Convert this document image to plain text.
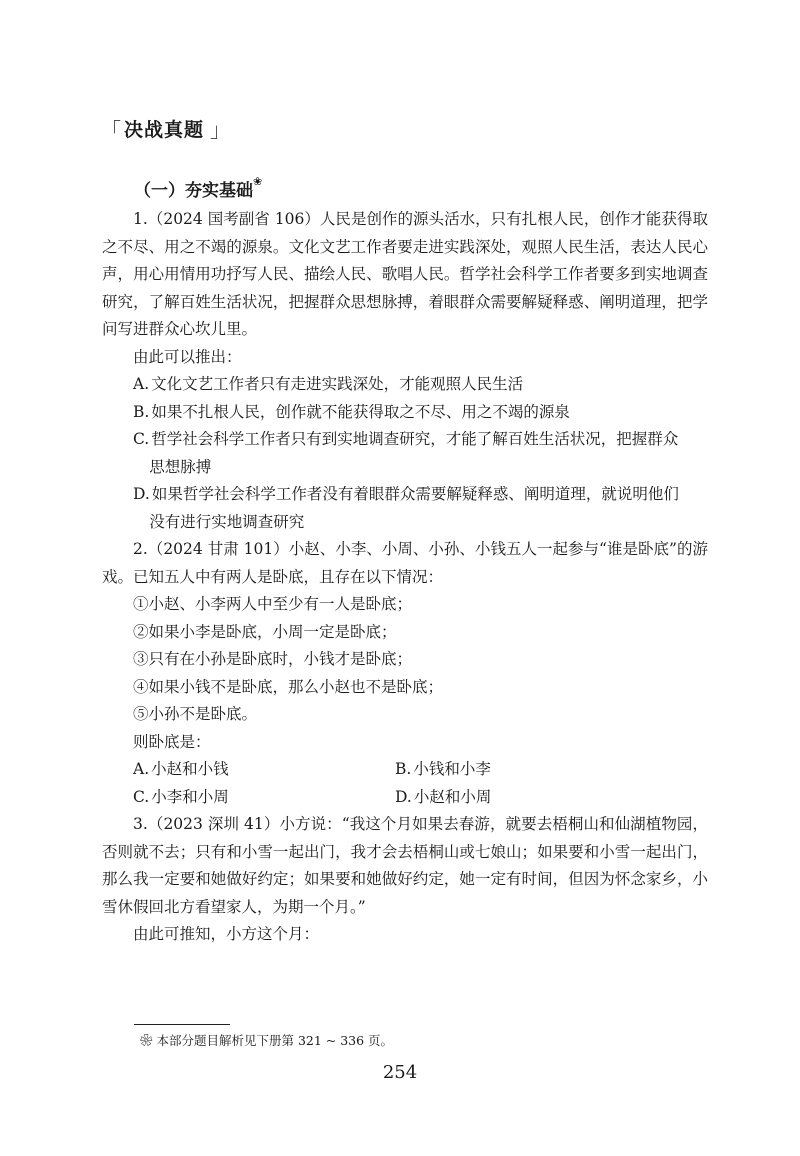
「 决战真题 」
（一）夯实基础❀

1.（2024 国考副省 106）人民是创作的源头活水，只有扎根人民，创作才能获得取之不尽、用之不竭的源泉。文化文艺工作者要走进实践深处，观照人民生活，表达人民心声，用心用情用功抒写人民、描绘人民、歌唱人民。哲学社会科学工作者要多到实地调查研究，了解百姓生活状况，把握群众思想脉搏，着眼群众需要解疑释惑、阐明道理，把学问写进群众心坎儿里。

由此可以推出：

A. 文化文艺工作者只有走进实践深处，才能观照人民生活

B. 如果不扎根人民，创作就不能获得取之不尽、用之不竭的源泉

C. 哲学社会科学工作者只有到实地调查研究，才能了解百姓生活状况，把握群众
思想脉搏

D. 如果哲学社会科学工作者没有着眼群众需要解疑释惑、阐明道理，就说明他们
没有进行实地调查研究

2.（2024 甘肃 101）小赵、小李、小周、小孙、小钱五人一起参与“谁是卧底”的游戏。已知五人中有两人是卧底，且存在以下情况：

①小赵、小李两人中至少有一人是卧底；

②如果小李是卧底，小周一定是卧底；

③只有在小孙是卧底时，小钱才是卧底；

④如果小钱不是卧底，那么小赵也不是卧底；

⑤小孙不是卧底。

则卧底是：

A. 小赵和小钱	B. 小钱和小李
C. 小李和小周	D. 小赵和小周

3.（2023 深圳 41）小方说：“我这个月如果去春游，就要去梧桐山和仙湖植物园，否则就不去；只有和小雪一起出门，我才会去梧桐山或七娘山；如果要和小雪一起出门，那么我一定要和她做好约定；如果要和她做好约定，她一定有时间，但因为怀念家乡，小雪休假回北方看望家人，为期一个月。”

由此可推知，小方这个月：

❀ 本部分题目解析见下册第 321 ~ 336 页。
254
